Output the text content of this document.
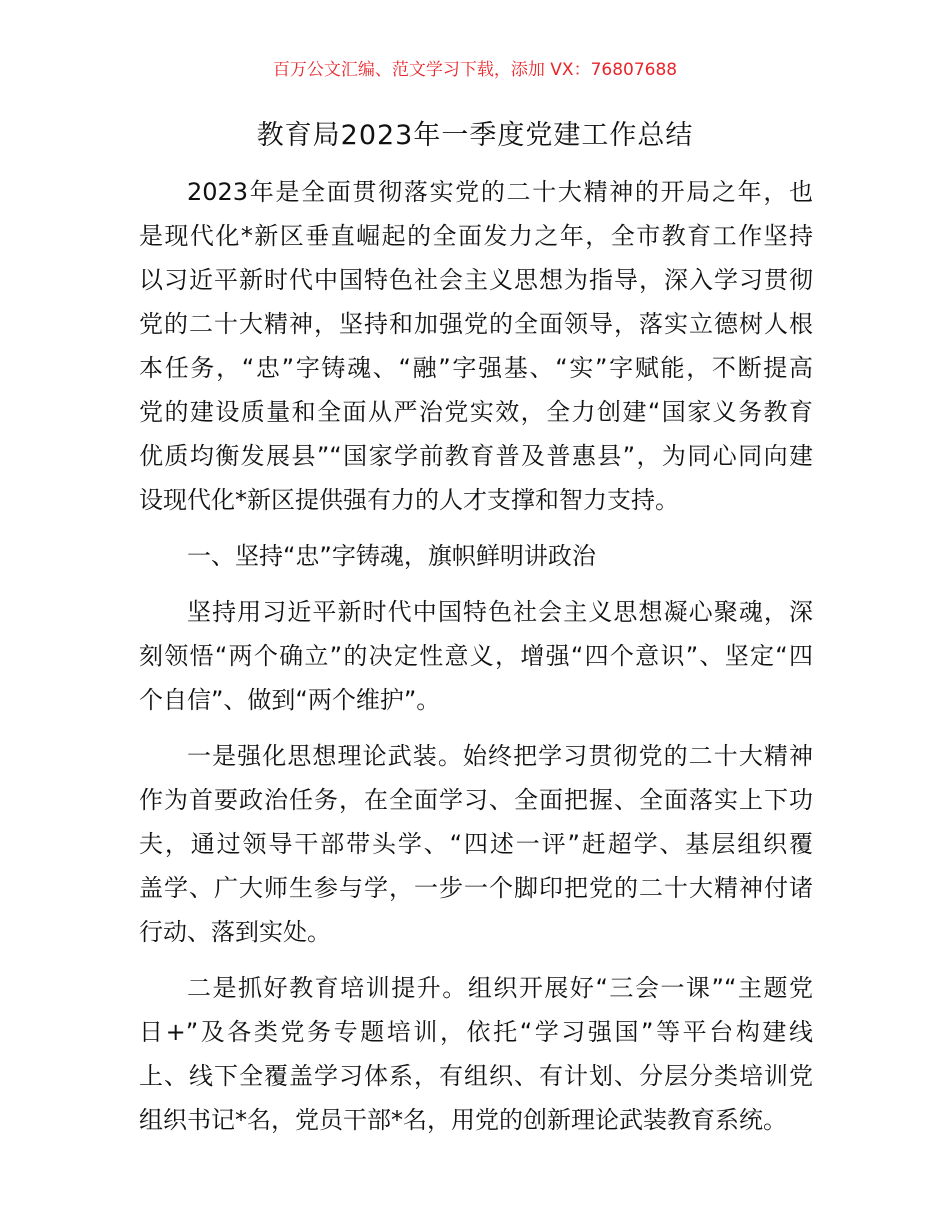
百万公文汇编、范文学习下载，添加 VX：76807688
教育局2023年一季度党建工作总结

2023年是全面贯彻落实党的二十大精神的开局之年，也
是现代化*新区垂直崛起的全面发力之年，全市教育工作坚持
以习近平新时代中国特色社会主义思想为指导，深入学习贯彻
党的二十大精神，坚持和加强党的全面领导，落实立德树人根
本任务，“忠”字铸魂、“融”字强基、“实”字赋能，不断提高
党的建设质量和全面从严治党实效，全力创建“国家义务教育
优质均衡发展县”“国家学前教育普及普惠县”，为同心同向建
设现代化*新区提供强有力的人才支撑和智力支持。

一、坚持“忠”字铸魂，旗帜鲜明讲政治

坚持用习近平新时代中国特色社会主义思想凝心聚魂，深
刻领悟“两个确立”的决定性意义，增强“四个意识”、坚定“四
个自信”、做到“两个维护”。

一是强化思想理论武装。始终把学习贯彻党的二十大精神
作为首要政治任务，在全面学习、全面把握、全面落实上下功
夫，通过领导干部带头学、“四述一评”赶超学、基层组织覆
盖学、广大师生参与学，一步一个脚印把党的二十大精神付诸
行动、落到实处。

二是抓好教育培训提升。组织开展好“三会一课”“主题党
日+”及各类党务专题培训，依托“学习强国”等平台构建线
上、线下全覆盖学习体系，有组织、有计划、分层分类培训党
组织书记*名，党员干部*名，用党的创新理论武装教育系统。
